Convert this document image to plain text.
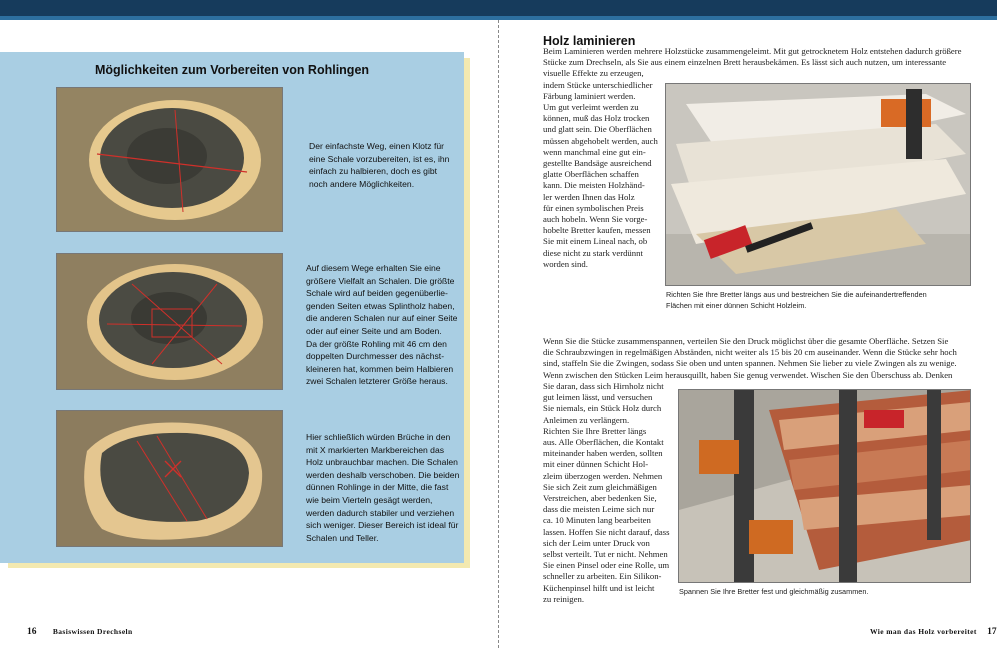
Möglichkeiten zum Vorbereiten von Rohlingen
Der einfachste Weg, einen Klotz für
eine Schale vorzubereiten, ist es, ihn
einfach zu halbieren, doch es gibt
noch andere Möglichkeiten.
Auf diesem Wege erhalten Sie eine
größere Vielfalt an Schalen. Die größte
Schale wird auf beiden gegenüberlie-
genden Seiten etwas Splintholz haben,
die anderen Schalen nur auf einer Seite
oder auf einer Seite und am Boden.
Da der größte Rohling mit 46 cm den
doppelten Durchmesser des nächst-
kleineren hat, kommen beim Halbieren
zwei Schalen letzterer Größe heraus.
Hier schließlich würden Brüche in den
mit X markierten Markbereichen das
Holz unbrauchbar machen. Die Schalen
werden deshalb verschoben. Die beiden
dünnen Rohlinge in der Mitte, die fast
wie beim Vierteln gesägt werden,
werden dadurch stabiler und verziehen
sich weniger. Dieser Bereich ist ideal für
Schalen und Teller.
16 Basiswissen Drechseln
Holz laminieren
Beim Laminieren werden mehrere Holzstücke zusammengeleimt. Mit gut getrocknetem Holz entstehen dadurch größere
Stücke zum Drechseln, als Sie aus einem einzelnen Brett herausbekämen. Es lässt sich auch nutzen, um interessante
visuelle Effekte zu erzeugen,
indem Stücke unterschiedlicher
Färbung laminiert werden.
Um gut verleimt werden zu
können, muß das Holz trocken
und glatt sein. Die Oberflächen
müssen abgehobelt werden, auch
wenn manchmal eine gut ein-
gestellte Bandsäge ausreichend
glatte Oberflächen schaffen
kann. Die meisten Holzhänd-
ler werden Ihnen das Holz
für einen symbolischen Preis
auch hobeln. Wenn Sie vorge-
hobelte Bretter kaufen, messen
Sie mit einem Lineal nach, ob
diese nicht zu stark verdünnt
worden sind.
Richten Sie Ihre Bretter längs aus und bestreichen Sie die aufeinandertreffenden
Flächen mit einer dünnen Schicht Holzleim.
Wenn Sie die Stücke zusammenspannen, verteilen Sie den Druck möglichst über die gesamte Oberfläche. Setzen Sie
die Schraubzwingen in regelmäßigen Abständen, nicht weiter als 15 bis 20 cm auseinander. Wenn die Stücke sehr hoch
sind, staffeln Sie die Zwingen, sodass Sie oben und unten spannen. Nehmen Sie lieber zu viele Zwingen als zu wenige.
Wenn zwischen den Stücken Leim herausquillt, haben Sie genug verwendet. Wischen Sie den Überschuss ab. Denken
Sie daran, dass sich Hirnholz nicht
gut leimen lässt, und versuchen
Sie niemals, ein Stück Holz durch
Anleimen zu verlängern.
Richten Sie Ihre Bretter längs
aus. Alle Oberflächen, die Kontakt
miteinander haben werden, sollten
mit einer dünnen Schicht Hol-
zleim überzogen werden. Nehmen
Sie sich Zeit zum gleichmäßigen
Verstreichen, aber bedenken Sie,
dass die meisten Leime sich nur
ca. 10 Minuten lang bearbeiten
lassen. Hoffen Sie nicht darauf, dass
sich der Leim unter Druck von
selbst verteilt. Tut er nicht. Nehmen
Sie einen Pinsel oder eine Rolle, um
schneller zu arbeiten. Ein Silikon-
Küchenpinsel hilft und ist leicht
zu reinigen.
Spannen Sie Ihre Bretter fest und gleichmäßig zusammen.
Wie man das Holz vorbereitet 17
